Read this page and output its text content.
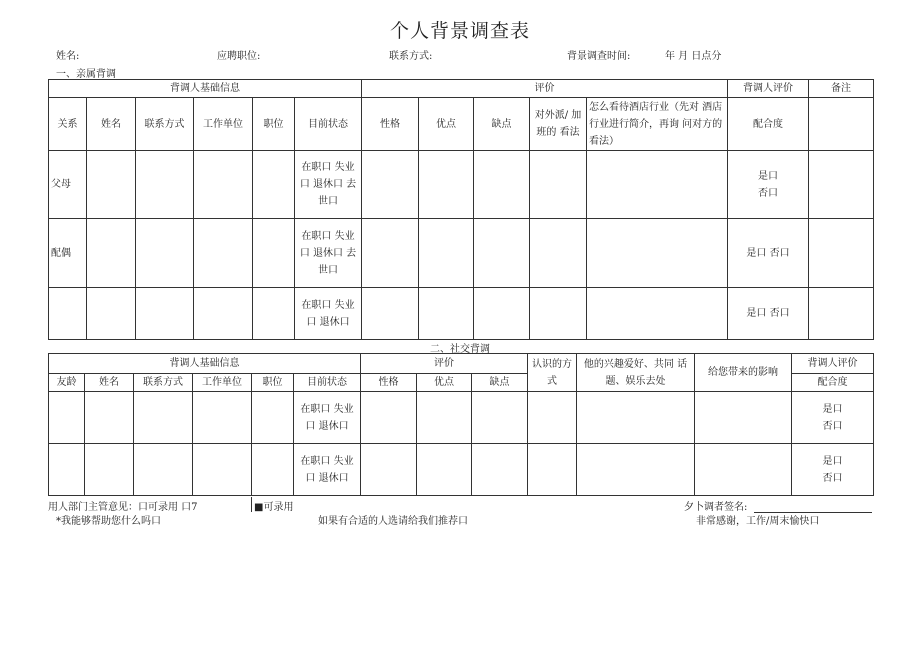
个人背景调查表
姓名:	应聘职位:	联系方式:	背景调查时间:	年 月 日点分
一、亲属背调
背调人基础信息						评价					背调人评价	备注
关系	姓名	联系方式	工作单位	职位	目前状态	性格	优点	缺点	对外派/ 加班的 看法	怎么看待酒店行业（先对 酒店行业进行简介，再询 问对方的看法）	配合度	
父母					在职口 失业口 退休口 去世口						是口
否口	

配偶					在职口 失业口 退休口 去世口						是口 否口	
					在职口 失业口 退休口						是口 否口	
二、社交背调
背调人基础信息						评价			认识的方式	他的兴趣爱好、共同 话题、娱乐去处	给您带来的影响	背调人评价
友龄	姓名	联系方式	工作单位	职位	目前状态	性格	优点	缺点				配合度
					在职口 失业口 退休口							是口
否口

					在职口 失业口 退休口							是口
否口
用人部门主管意见：口可录用 口7	■可录用	夕卜调者签名:
*我能够帮助您什么吗口	如果有合适的人选请给我们推荐口	非常感谢，工作/周末愉快口
